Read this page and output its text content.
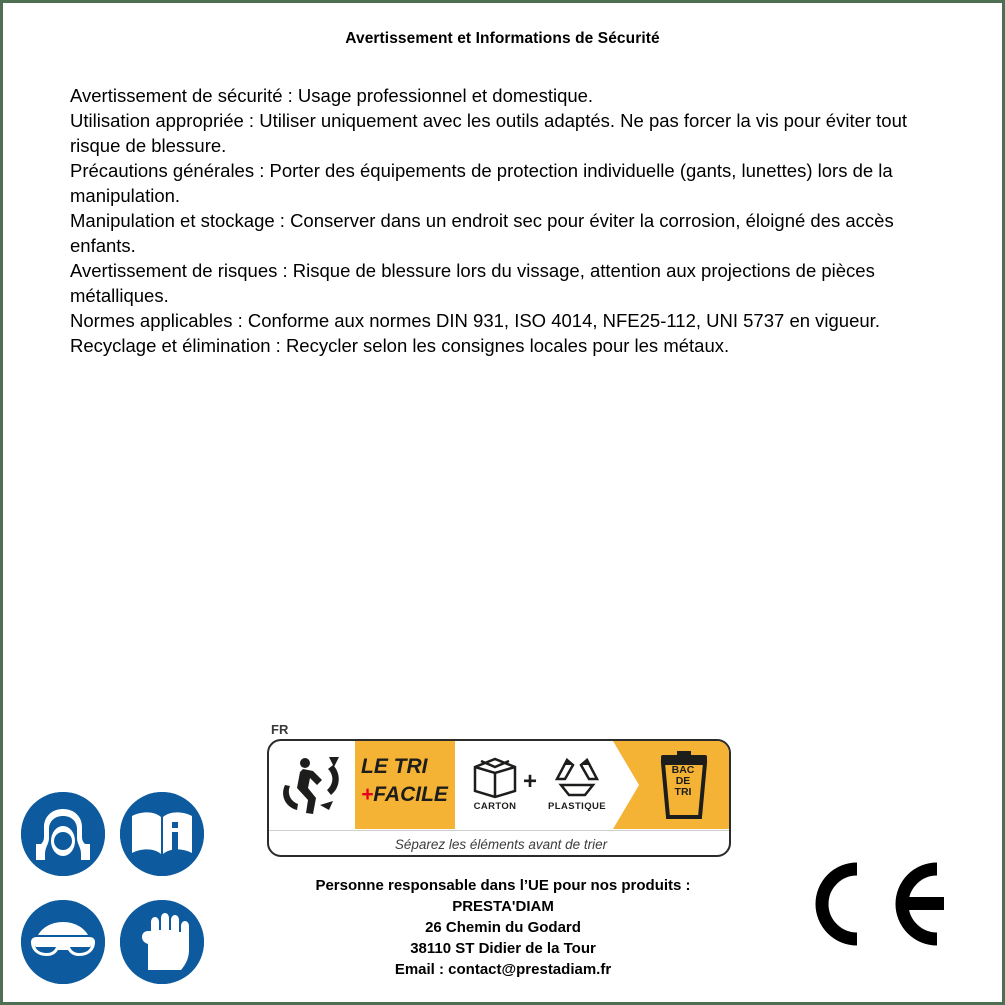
Avertissement et Informations de Sécurité

Avertissement de sécurité : Usage professionnel et domestique.

Utilisation appropriée : Utiliser uniquement avec les outils adaptés. Ne pas forcer la vis pour éviter tout risque de blessure.

Précautions générales : Porter des équipements de protection individuelle (gants, lunettes) lors de la manipulation.

Manipulation et stockage : Conserver dans un endroit sec pour éviter la corrosion, éloigné des accès enfants.

Avertissement de risques : Risque de blessure lors du vissage, attention aux projections de pièces métalliques.

Normes applicables : Conforme aux normes DIN 931, ISO 4014, NFE25-112, UNI 5737 en vigueur.

Recyclage et élimination : Recycler selon les consignes locales pour les métaux.

FR
LE TRI
+FACILE
CARTON
+
PLASTIQUE
BAC
DE
TRI
Séparez les éléments avant de trier
Personne responsable dans l’UE pour nos produits :
PRESTA'DIAM
26 Chemin du Godard
38110 ST Didier de la Tour
Email : contact@prestadiam.fr
